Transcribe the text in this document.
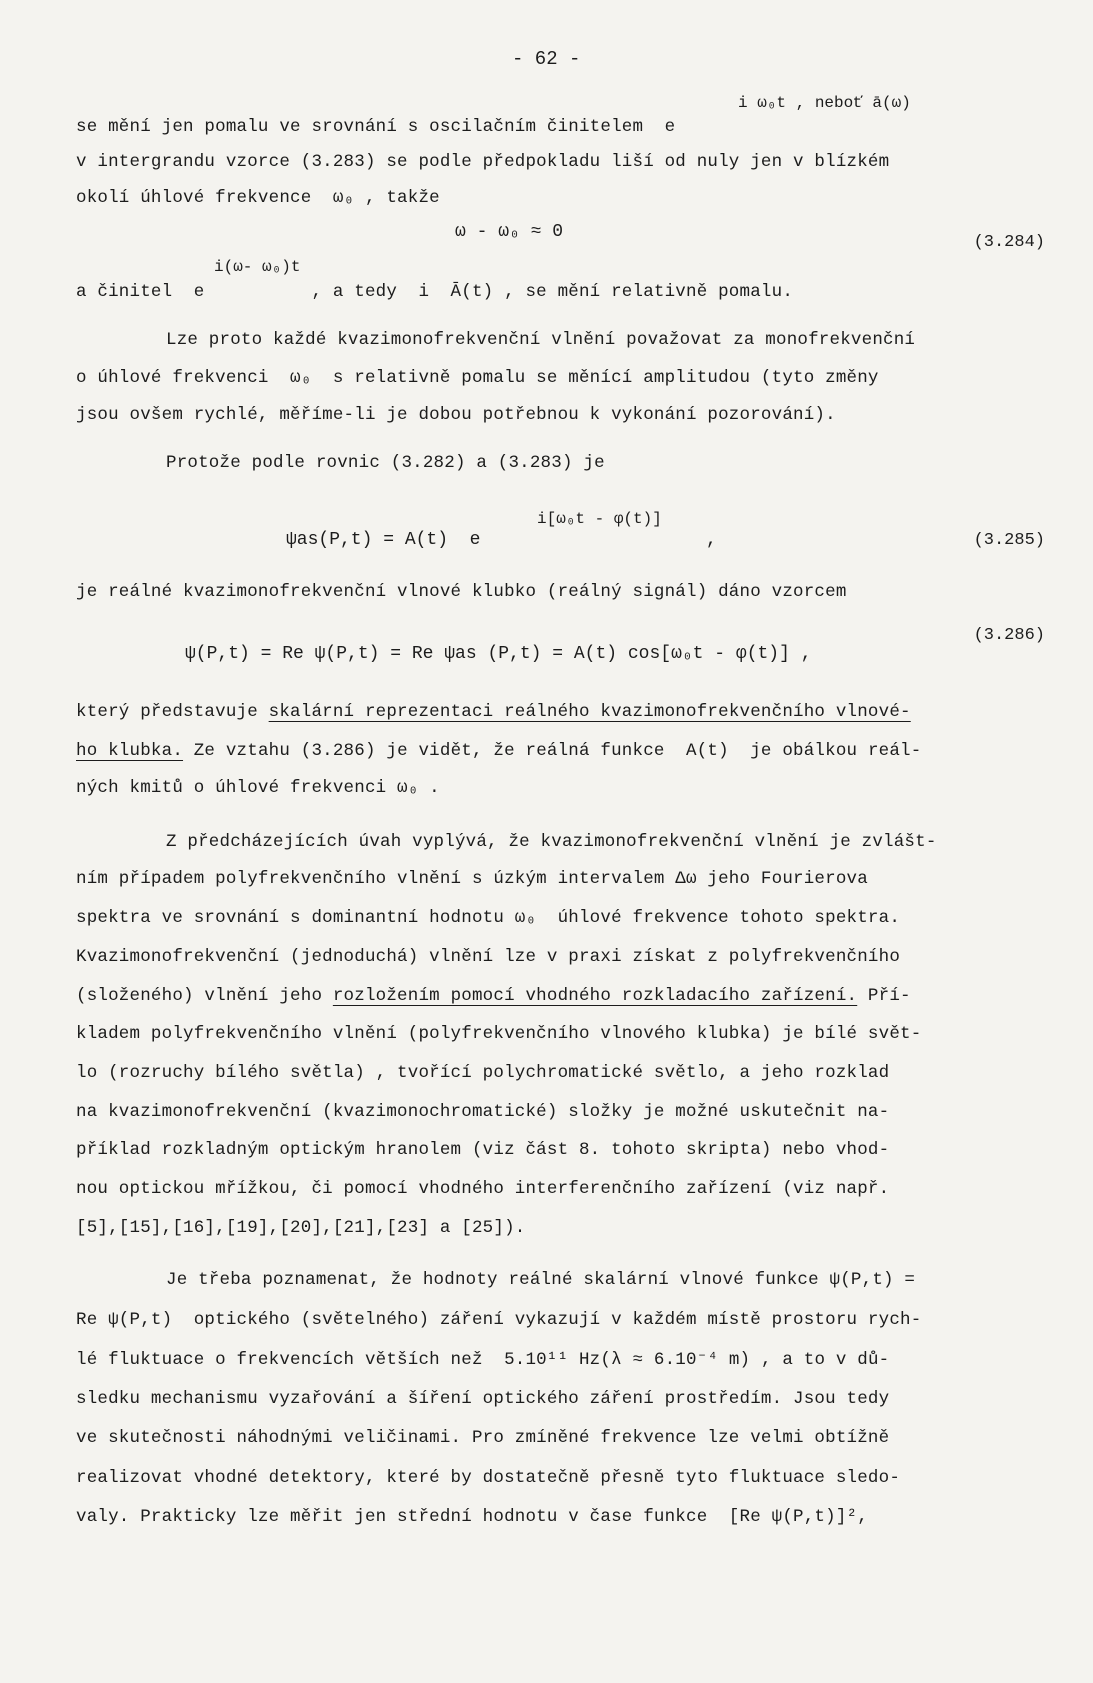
- 62 -
i ω₀t , neboť ā(ω)
se mění jen pomalu ve srovnání s oscilačním činitelem  e
v intergrandu vzorce (3.283) se podle předpokladu liší od nuly jen v blízkém
okolí úhlové frekvence  ω₀ , takže
ω - ω₀ ≈ 0
(3.284)
i(ω- ω₀)t
a činitel  e          , a tedy  i  Ā(t) , se mění relativně pomalu.
Lze proto každé kvazimonofrekvenční vlnění považovat za monofrekvenční
o úhlové frekvenci  ω₀  s relativně pomalu se měnící amplitudou (tyto změny
jsou ovšem rychlé, měříme-li je dobou potřebnou k vykonání pozorování).
Protože podle rovnic (3.282) a (3.283) je
i[ω₀t - φ(t)]
ψas(P,t) = A(t)  e	,	(3.285)
je reálné kvazimonofrekvenční vlnové klubko (reálný signál) dáno vzorcem
ψ(P,t) = Re ψ(P,t) = Re ψas (P,t) = A(t) cos[ω₀t - φ(t)] ,
(3.286)
který představuje skalární reprezentaci reálného kvazimonofrekvenčního vlnové-
ho klubka. Ze vztahu (3.286) je vidět, že reálná funkce  A(t)  je obálkou reál-
ných kmitů o úhlové frekvenci ω₀ .
Z předcházejících úvah vyplývá, že kvazimonofrekvenční vlnění je zvlášt-
ním případem polyfrekvenčního vlnění s úzkým intervalem Δω jeho Fourierova
spektra ve srovnání s dominantní hodnotu ω₀  úhlové frekvence tohoto spektra.
Kvazimonofrekvenční (jednoduchá) vlnění lze v praxi získat z polyfrekvenčního
(složeného) vlnění jeho rozložením pomocí vhodného rozkladacího zařízení. Pří-
kladem polyfrekvenčního vlnění (polyfrekvenčního vlnového klubka) je bílé svět-
lo (rozruchy bílého světla) , tvořící polychromatické světlo, a jeho rozklad
na kvazimonofrekvenční (kvazimonochromatické) složky je možné uskutečnit na-
příklad rozkladným optickým hranolem (viz část 8. tohoto skripta) nebo vhod-
nou optickou mřížkou, či pomocí vhodného interferenčního zařízení (viz např.
[5],[15],[16],[19],[20],[21],[23] a [25]).
Je třeba poznamenat, že hodnoty reálné skalární vlnové funkce ψ(P,t) =
Re ψ(P,t)  optického (světelného) záření vykazují v každém místě prostoru rych-
lé fluktuace o frekvencích větších než  5.10¹¹ Hz(λ ≈ 6.10⁻⁴ m) , a to v dů-
sledku mechanismu vyzařování a šíření optického záření prostředím. Jsou tedy
ve skutečnosti náhodnými veličinami. Pro zmíněné frekvence lze velmi obtížně
realizovat vhodné detektory, které by dostatečně přesně tyto fluktuace sledo-
valy. Prakticky lze měřit jen střední hodnotu v čase funkce  [Re ψ(P,t)]²,
